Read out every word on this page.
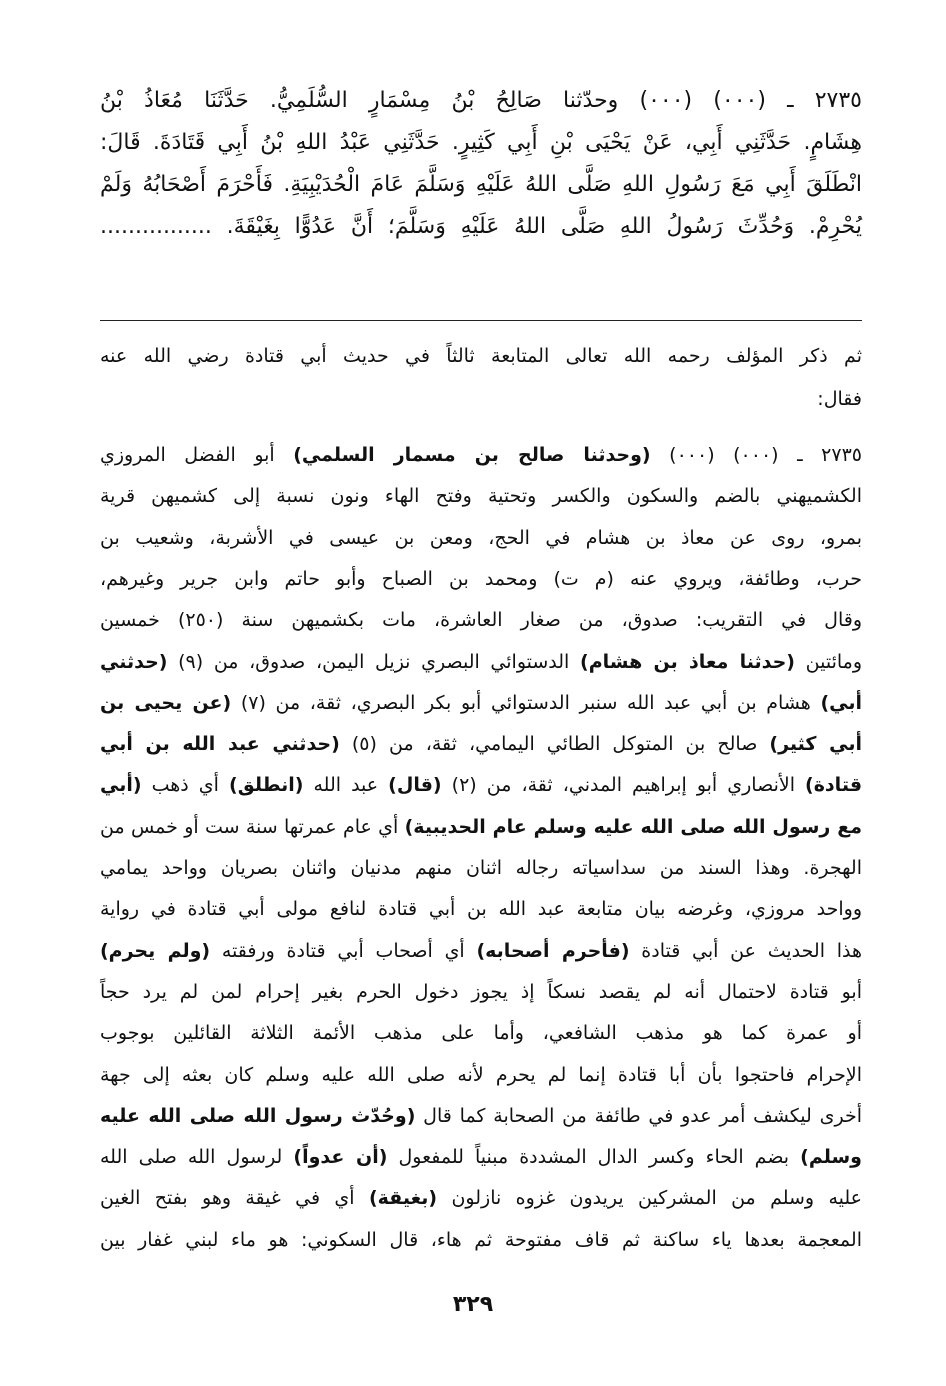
٢٧٣٥ ـ (٠٠٠) (٠٠٠) وحدّثنا صَالِحُ بْنُ مِسْمَارٍ السُّلَمِيُّ. حَدَّثَنَا مُعَاذُ بْنُ
هِشَامٍ. حَدَّثَنِي أَبِي، عَنْ يَحْيَى بْنِ أَبِي كَثِيرٍ. حَدَّثَنِي عَبْدُ اللهِ بْنُ أَبِي قَتَادَةَ. قَالَ:
انْطَلَقَ أَبِي مَعَ رَسُولِ اللهِ صَلَّى اللهُ عَلَيْهِ وَسَلَّمَ عَامَ الْحُدَيْبِيَةِ. فَأَحْرَمَ أَصْحَابُهُ وَلَمْ
يُحْرِمْ. وَحُدِّثَ رَسُولُ اللهِ صَلَّى اللهُ عَلَيْهِ وَسَلَّمَ؛ أَنَّ عَدُوًّا بِغَيْقَةَ. ................
ثم ذكر المؤلف رحمه الله تعالى المتابعة ثالثاً في حديث أبي قتادة رضي الله عنه
فقال:
٢٧٣٥ ـ (٠٠٠) (٠٠٠) (وحدثنا صالح بن مسمار السلمي) أبو الفضل المروزي
الكشميهني بالضم والسكون والكسر وتحتية وفتح الهاء ونون نسبة إلى كشميهن قرية
بمرو، روى عن معاذ بن هشام في الحج، ومعن بن عيسى في الأشربة، وشعيب بن
حرب، وطائفة، ويروي عنه (م ت) ومحمد بن الصباح وأبو حاتم وابن جرير وغيرهم،
وقال في التقريب: صدوق، من صغار العاشرة، مات بكشميهن سنة (٢٥٠) خمسين
ومائتين (حدثنا معاذ بن هشام) الدستوائي البصري نزيل اليمن، صدوق، من (٩) (حدثني
أبي) هشام بن أبي عبد الله سنبر الدستوائي أبو بكر البصري، ثقة، من (٧) (عن يحيى بن
أبي كثير) صالح بن المتوكل الطائي اليمامي، ثقة، من (٥) (حدثني عبد الله بن أبي
قتادة) الأنصاري أبو إبراهيم المدني، ثقة، من (٢) (قال) عبد الله (انطلق) أي ذهب (أبي
مع رسول الله صلى الله عليه وسلم عام الحديبية) أي عام عمرتها سنة ست أو خمس من
الهجرة. وهذا السند من سداسياته رجاله اثنان منهم مدنيان واثنان بصريان وواحد يمامي
وواحد مروزي، وغرضه بيان متابعة عبد الله بن أبي قتادة لنافع مولى أبي قتادة في رواية
هذا الحديث عن أبي قتادة (فأحرم أصحابه) أي أصحاب أبي قتادة ورفقته (ولم يحرم)
أبو قتادة لاحتمال أنه لم يقصد نسكاً إذ يجوز دخول الحرم بغير إحرام لمن لم يرد حجاً
أو عمرة كما هو مذهب الشافعي، وأما على مذهب الأئمة الثلاثة القائلين بوجوب
الإحرام فاحتجوا بأن أبا قتادة إنما لم يحرم لأنه صلى الله عليه وسلم كان بعثه إلى جهة
أخرى ليكشف أمر عدو في طائفة من الصحابة كما قال (وحُدّث رسول الله صلى الله عليه
وسلم) بضم الحاء وكسر الدال المشددة مبنياً للمفعول (أن عدواً) لرسول الله صلى الله
عليه وسلم من المشركين يريدون غزوه نازلون (بغيقة) أي في غيقة وهو بفتح الغين
المعجمة بعدها ياء ساكنة ثم قاف مفتوحة ثم هاء، قال السكوني: هو ماء لبني غفار بين
٣٢٩
